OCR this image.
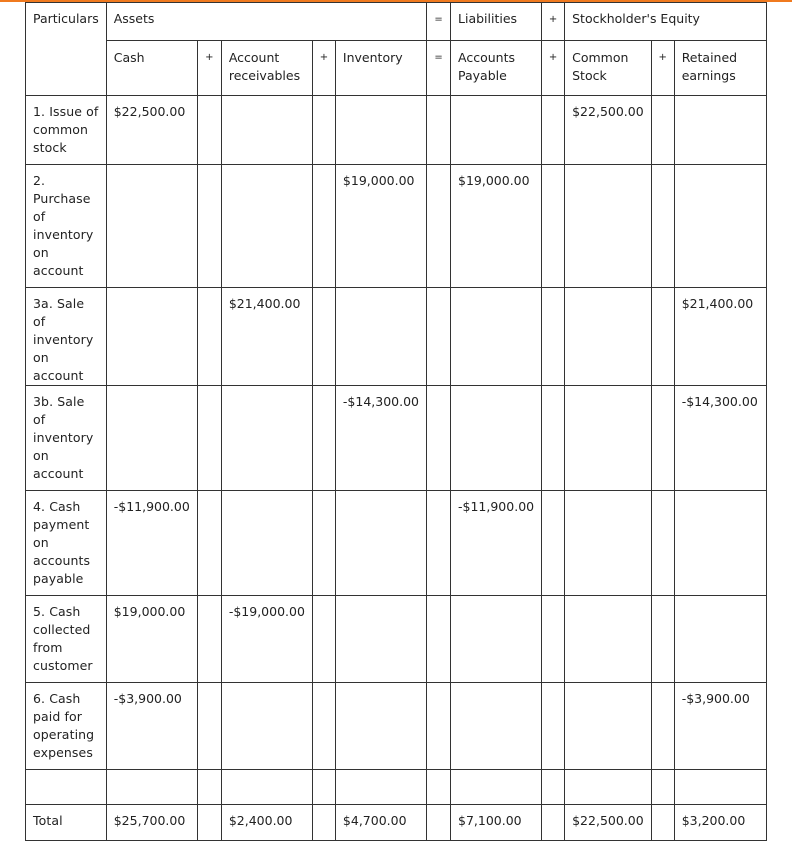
Particulars	Assets					=	Liabilities	+	Stockholder's Equity		
	Cash	+	Account receivables	+	Inventory	=	Accounts Payable	+	Common Stock	+	Retained earnings
1. Issue of common stock	$22,500.00								$22,500.00		
2. Purchase of inventory on account					$19,000.00		$19,000.00				
3a. Sale of inventory on account			$21,400.00								$21,400.00
3b. Sale of inventory on account					-$14,300.00						-$14,300.00
4. Cash payment on accounts payable	-$11,900.00						-$11,900.00				
5. Cash collected from customer	$19,000.00		-$19,000.00								
6. Cash paid for operating expenses	-$3,900.00										-$3,900.00

Total	$25,700.00		$2,400.00		$4,700.00		$7,100.00		$22,500.00		$3,200.00
